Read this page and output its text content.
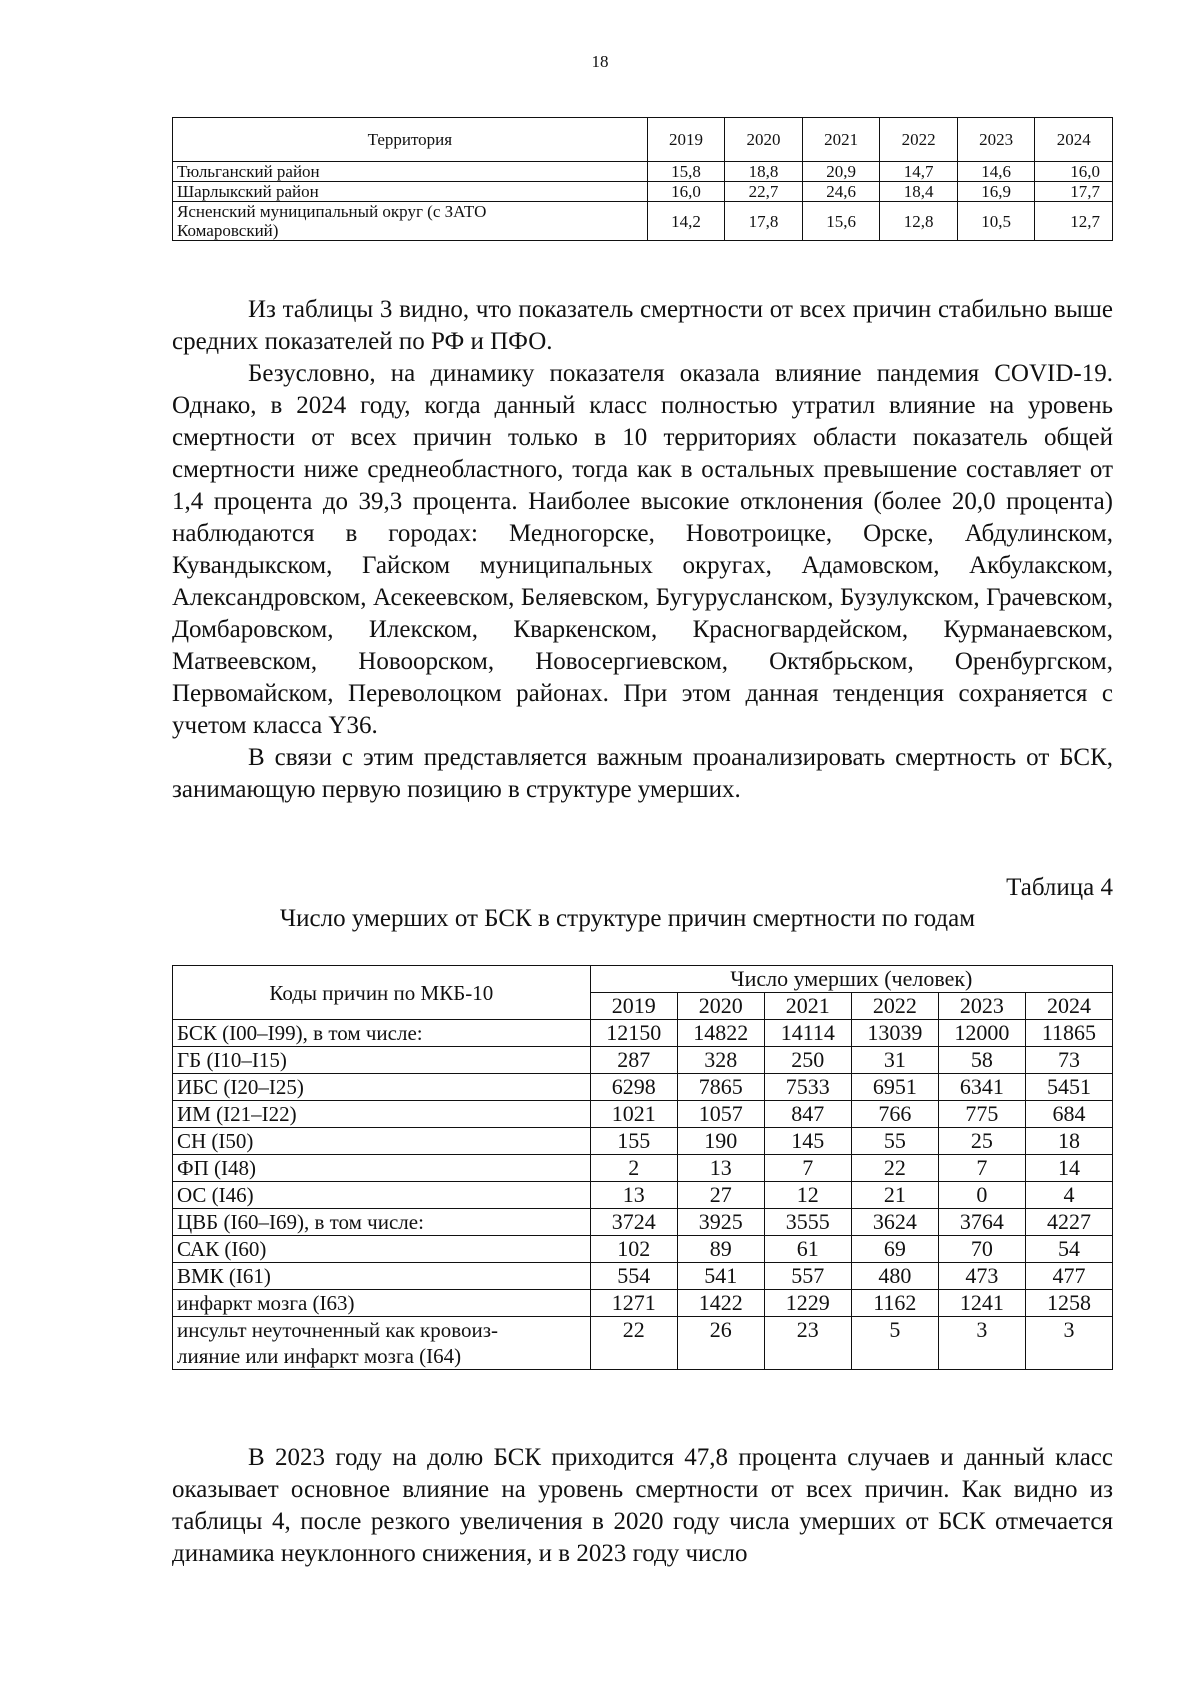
18
Территория	2019	2020	2021	2022	2023	2024
Тюльганский район	15,8	18,8	20,9	14,7	14,6	16,0
Шарлыкский район	16,0	22,7	24,6	18,4	16,9	17,7
Ясненский муниципальный округ (с ЗАТО
Комаровский)	14,2	17,8	15,6	12,8	10,5	12,7

Из таблицы 3 видно, что показатель смертности от всех причин стабильно выше средних показателей по РФ и ПФО.

Безусловно, на динамику показателя оказала влияние пандемия COVID-19. Однако, в 2024 году, когда данный класс полностью утратил влияние на уровень смертности от всех причин только в 10 территориях области показатель общей смертности ниже среднеобластного, тогда как в остальных превышение составляет от 1,4 процента до 39,3 процента. Наиболее высокие отклонения (более 20,0 процента) наблюдаются в городах: Медногорске, Новотроицке, Орске, Абдулинском, Кувандыкском, Гайском муниципальных округах, Адамовском, Акбулакском, Александровском, Асекеевском, Беляевском, Бугурусланском, Бузулукском, Грачевском, Домбаровском, Илекском, Кваркенском, Красногвардейском, Курманаевском, Матвеевском, Новоорском, Новосергиевском, Октябрьском, Оренбургском, Первомайском, Переволоцком районах. При этом данная тенденция сохраняется с учетом класса Y36.

В связи с этим представляется важным проанализировать смертность от БСК, занимающую первую позицию в структуре умерших.

Таблица 4
Число умерших от БСК в структуре причин смертности по годам
Коды причин по МКБ-10	Число умерших (человек)					
	2019	2020	2021	2022	2023	2024
БСК (I00–I99), в том числе:	12150	14822	14114	13039	12000	11865
ГБ (I10–I15)	287	328	250	31	58	73
ИБС (I20–I25)	6298	7865	7533	6951	6341	5451
ИМ (I21–I22)	1021	1057	847	766	775	684
СН (I50)	155	190	145	55	25	18
ФП (I48)	2	13	7	22	7	14
ОС (I46)	13	27	12	21	0	4
ЦВБ (I60–I69), в том числе:	3724	3925	3555	3624	3764	4227
САК (I60)	102	89	61	69	70	54
ВМК (I61)	554	541	557	480	473	477
инфаркт мозга (I63)	1271	1422	1229	1162	1241	1258
инсульт неуточненный как кровоиз-
лияние или инфаркт мозга (I64)	22	26	23	5	3	3

В 2023 году на долю БСК приходится 47,8 процента случаев и данный класс оказывает основное влияние на уровень смертности от всех причин. Как видно из таблицы 4, после резкого увеличения в 2020 году числа умерших от БСК отмечается динамика неуклонного снижения, и в 2023 году число
